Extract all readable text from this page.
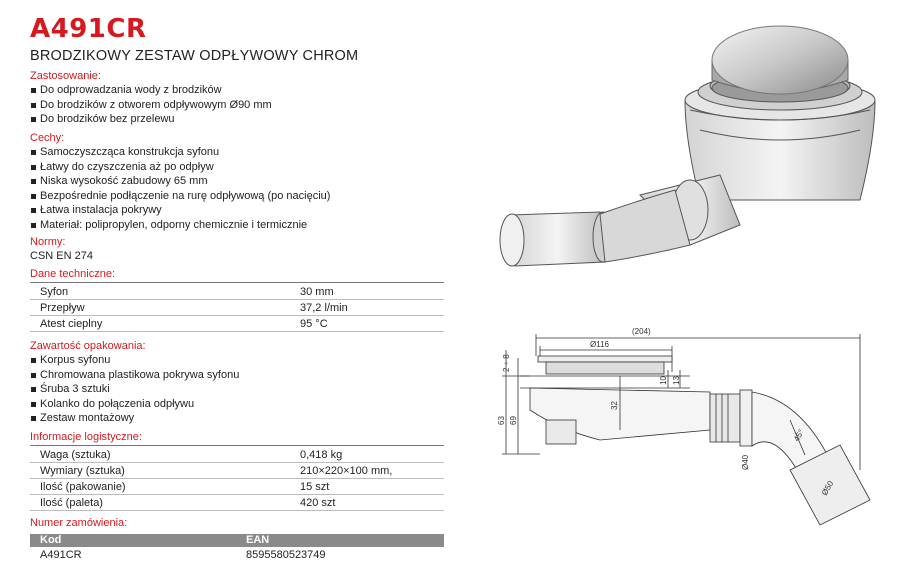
A491CR
BRODZIKOWY ZESTAW ODPŁYWOWY CHROM
Zastosowanie:
Do odprowadzania wody z brodzików
Do brodzików z otworem odpływowym Ø90 mm
Do brodzików bez przelewu
Cechy:
Samoczyszcząca konstrukcja syfonu
Łatwy do czyszczenia aż po odpływ
Niska wysokość zabudowy 65 mm
Bezpośrednie podłączenie na rurę odpływową (po nacięciu)
Łatwa instalacja pokrywy
Materiał: polipropylen, odporny chemicznie i termicznie
Normy:
CSN EN 274
Dane techniczne:
Syfon	30 mm
Przepływ	37,2 l/min
Atest cieplny	95 °C
Zawartość opakowania:
Korpus syfonu
Chromowana plastikowa pokrywa syfonu
Śruba 3 sztuki
Kolanko do połączenia odpływu
Zestaw montażowy
Informacje logistyczne:
Waga (sztuka)	0,418 kg
Wymiary (sztuka)	210×220×100 mm,
Ilość (pakowanie)	15 szt
Ilość (paleta)	420 szt
Numer zamówienia:
Kod	EAN
A491CR	8595580523749
(204)
Ø116
2 ÷ 8
10 13
32
63 69
45°
Ø40
Ø50
